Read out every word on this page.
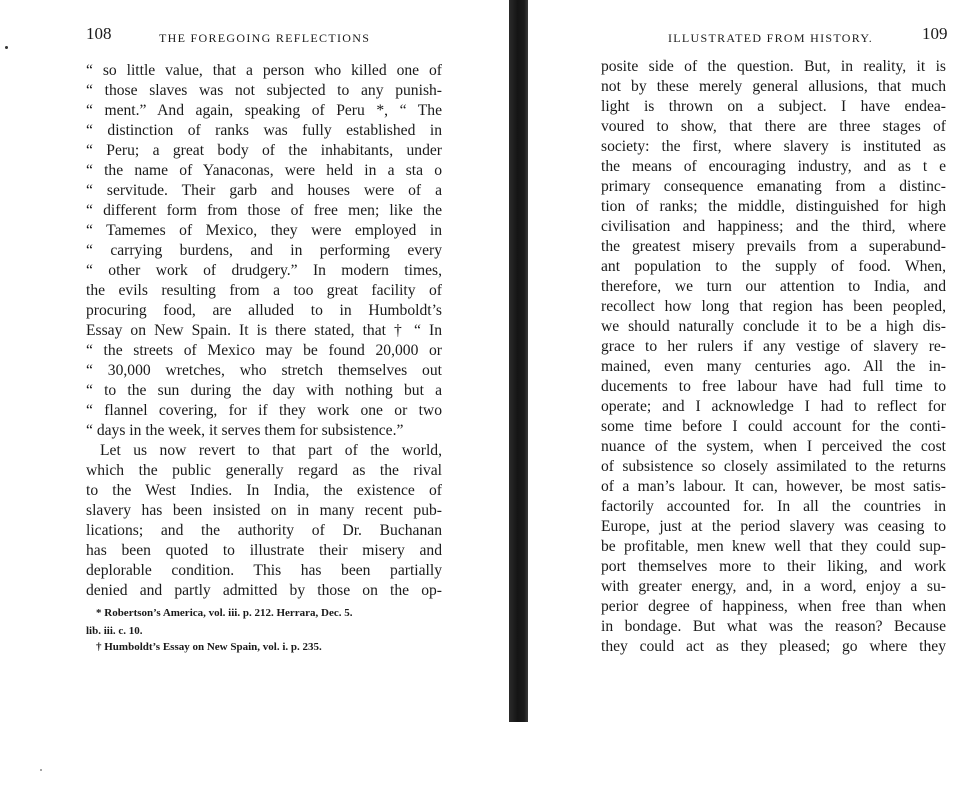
108	THE FOREGOING REFLECTIONS
“ so little value, that a person who killed one of
“ those slaves was not subjected to any punish-
“ ment.” And again, speaking of Peru *, “ The
“ distinction of ranks was fully established in
“ Peru; a great body of the inhabitants, under
“ the name of Yanaconas, were held in a sta o
“ servitude. Their garb and houses were of a
“ different form from those of free men; like the
“ Tamemes of Mexico, they were employed in
“ carrying burdens, and in performing every
“ other work of drudgery.” In modern times,
the evils resulting from a too great facility of
procuring food, are alluded to in Humboldt’s
Essay on New Spain. It is there stated, that † “ In
“ the streets of Mexico may be found 20,000 or
“ 30,000 wretches, who stretch themselves out
“ to the sun during the day with nothing but a
“ flannel covering, for if they work one or two
“ days in the week, it serves them for subsistence.”
Let us now revert to that part of the world,
which the public generally regard as the rival
to the West Indies. In India, the existence of
slavery has been insisted on in many recent pub-
lications; and the authority of Dr. Buchanan
has been quoted to illustrate their misery and
deplorable condition. This has been partially
denied and partly admitted by those on the op-
* Robertson’s America, vol. iii. p. 212. Herrara, Dec. 5.
lib. iii. c. 10.
† Humboldt’s Essay on New Spain, vol. i. p. 235.
ILLUSTRATED FROM HISTORY.	109
posite side of the question. But, in reality, it is
not by these merely general allusions, that much
light is thrown on a subject. I have endea-
voured to show, that there are three stages of
society: the first, where slavery is instituted as
the means of encouraging industry, and as t e
primary consequence emanating from a distinc-
tion of ranks; the middle, distinguished for high
civilisation and happiness; and the third, where
the greatest misery prevails from a superabund-
ant population to the supply of food. When,
therefore, we turn our attention to India, and
recollect how long that region has been peopled,
we should naturally conclude it to be a high dis-
grace to her rulers if any vestige of slavery re-
mained, even many centuries ago. All the in-
ducements to free labour have had full time to
operate; and I acknowledge I had to reflect for
some time before I could account for the conti-
nuance of the system, when I perceived the cost
of subsistence so closely assimilated to the returns
of a man’s labour. It can, however, be most satis-
factorily accounted for. In all the countries in
Europe, just at the period slavery was ceasing to
be profitable, men knew well that they could sup-
port themselves more to their liking, and work
with greater energy, and, in a word, enjoy a su-
perior degree of happiness, when free than when
in bondage. But what was the reason? Because
they could act as they pleased; go where they
